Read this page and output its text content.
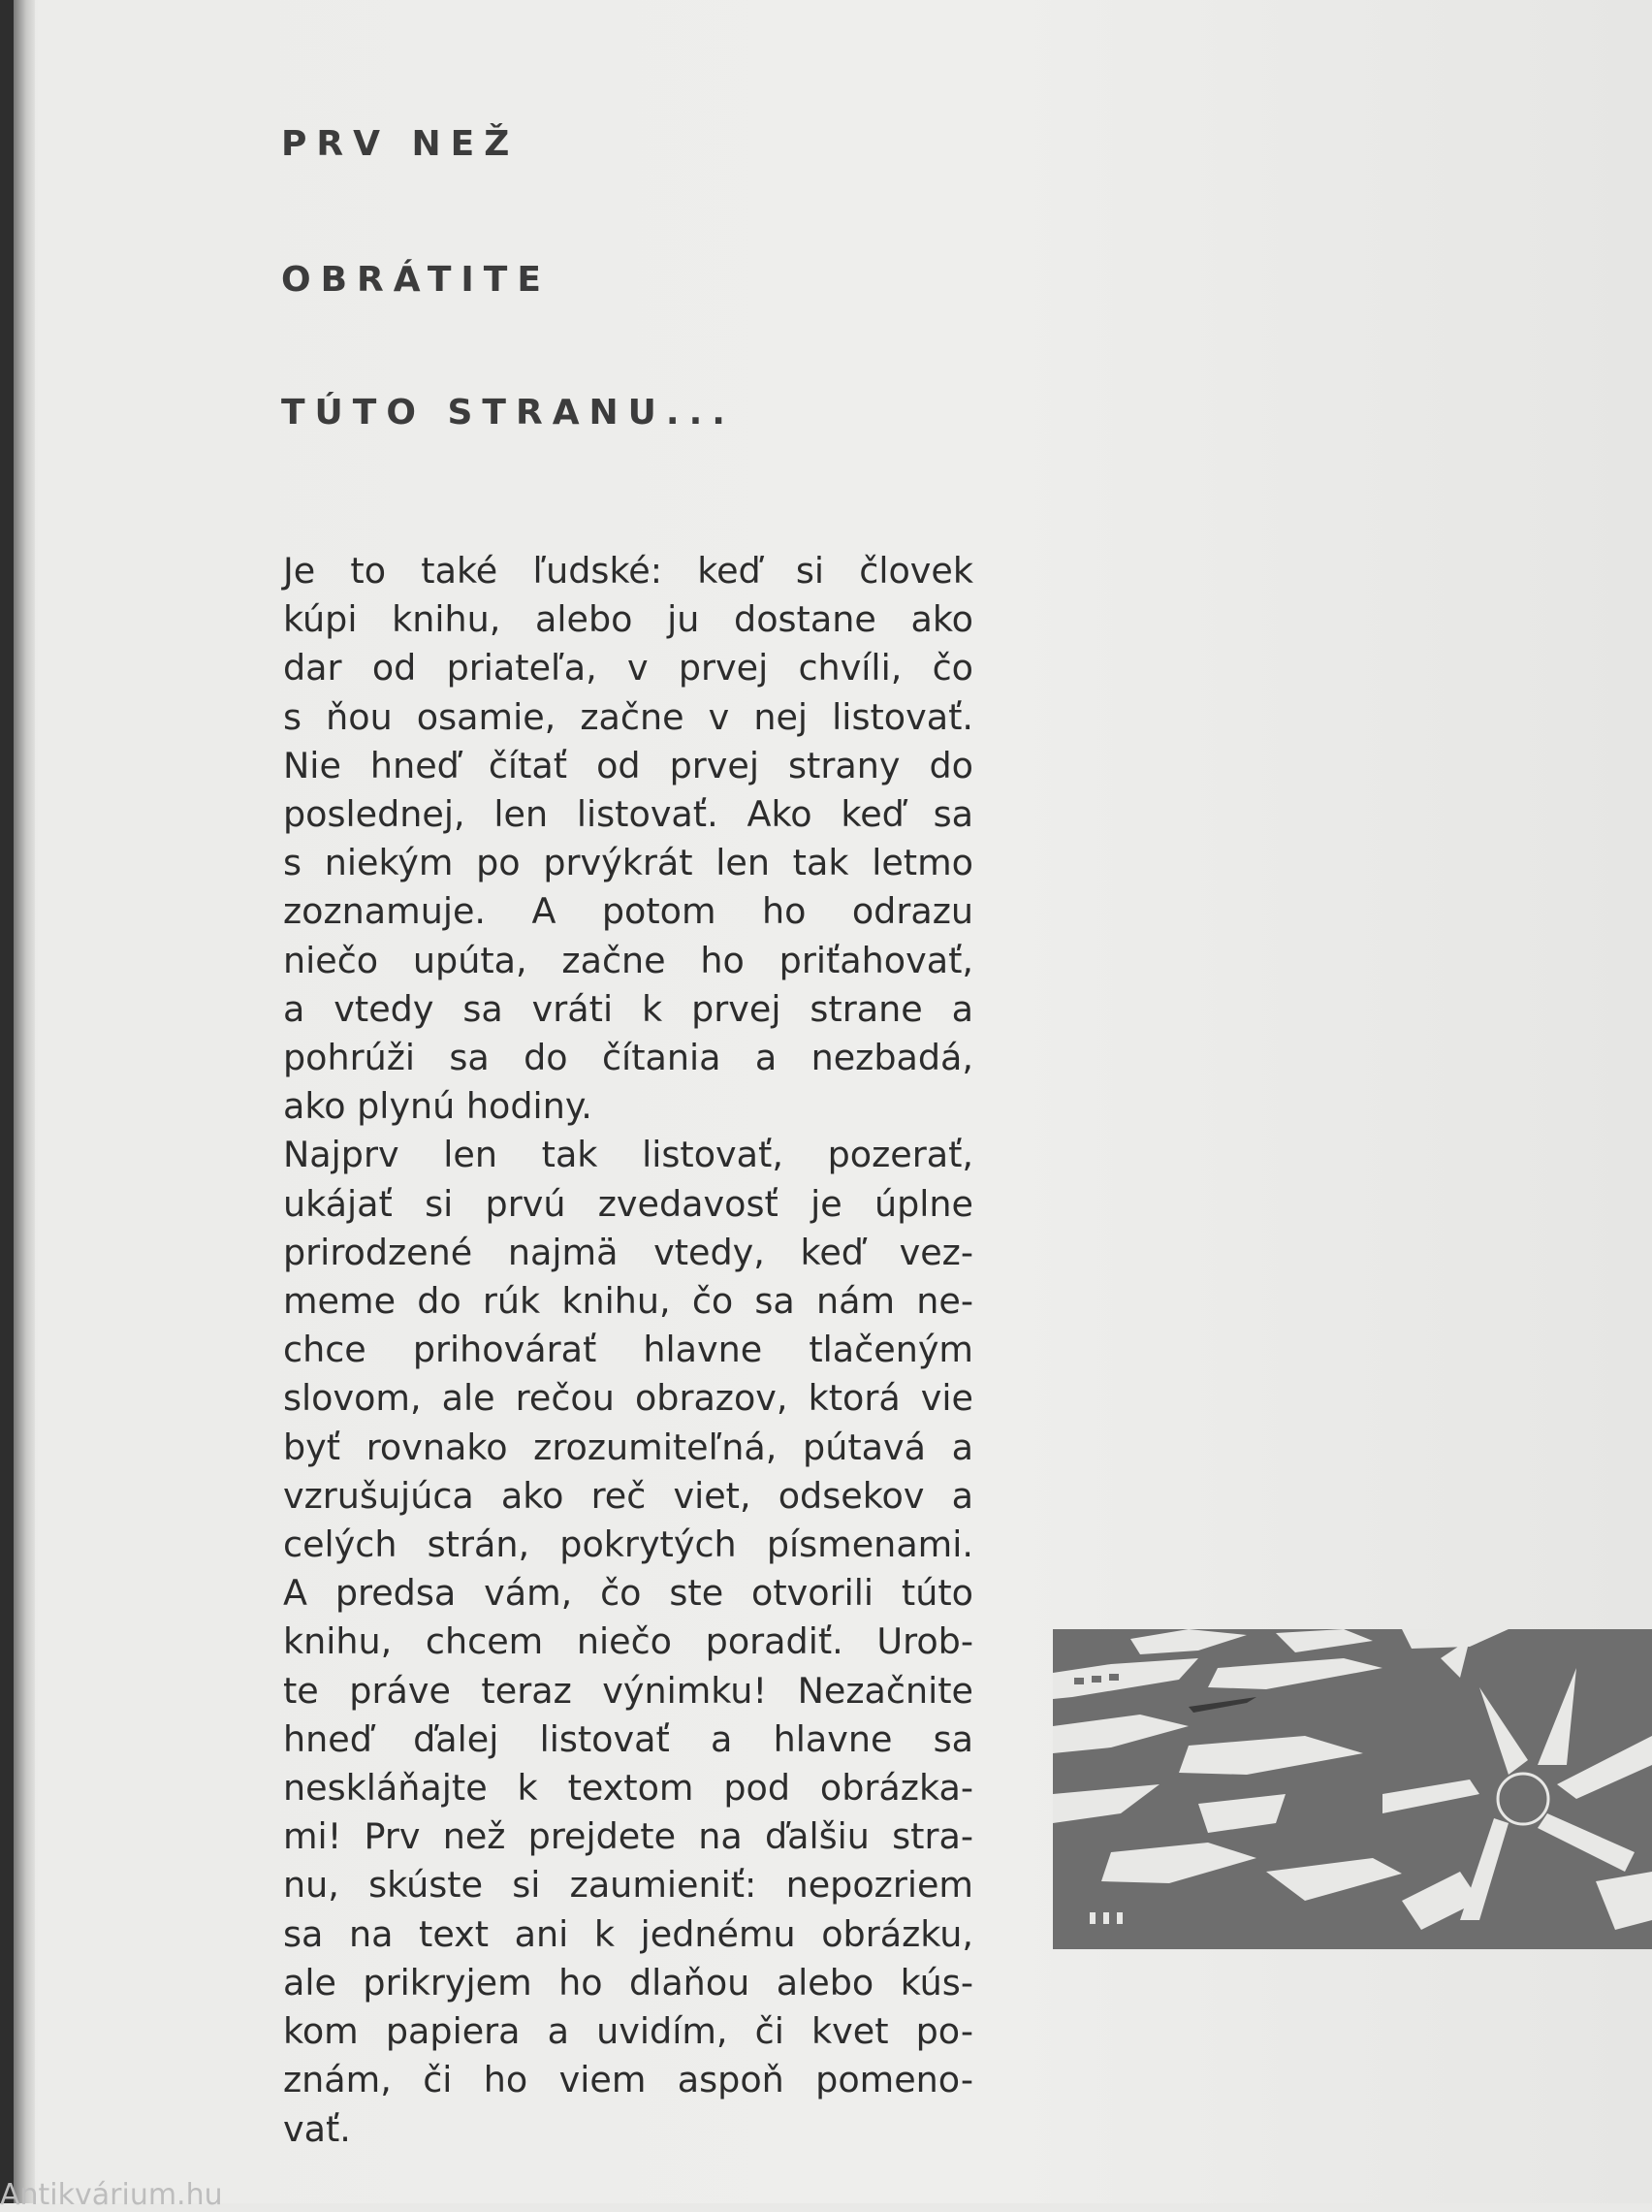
PRV NEŽ
OBRÁTITE
TÚTO STRANU...
Je to také ľudské: keď si človek
kúpi knihu, alebo ju dostane ako
dar od priateľa, v prvej chvíli, čo
s ňou osamie, začne v nej listovať.
Nie hneď čítať od prvej strany do
poslednej, len listovať. Ako keď sa
s niekým po prvýkrát len tak letmo
zoznamuje. A potom ho odrazu
niečo upúta, začne ho priťahovať,
a vtedy sa vráti k prvej strane a
pohrúži sa do čítania a nezbadá,
ako plynú hodiny.
Najprv len tak listovať, pozerať,
ukájať si prvú zvedavosť je úplne
prirodzené najmä vtedy, keď vez-
meme do rúk knihu, čo sa nám ne-
chce prihovárať hlavne tlačeným
slovom, ale rečou obrazov, ktorá vie
byť rovnako zrozumiteľná, pútavá a
vzrušujúca ako reč viet, odsekov a
celých strán, pokrytých písmenami.
A predsa vám, čo ste otvorili túto
knihu, chcem niečo poradiť. Urob-
te práve teraz výnimku! Nezačnite
hneď ďalej listovať a hlavne sa
neskláňajte k textom pod obrázka-
mi! Prv než prejdete na ďalšiu stra-
nu, skúste si zaumieniť: nepozriem
sa na text ani k jednému obrázku,
ale prikryjem ho dlaňou alebo kús-
kom papiera a uvidím, či kvet po-
znám, či ho viem aspoň pomeno-
vať.
Antikvárium.hu
